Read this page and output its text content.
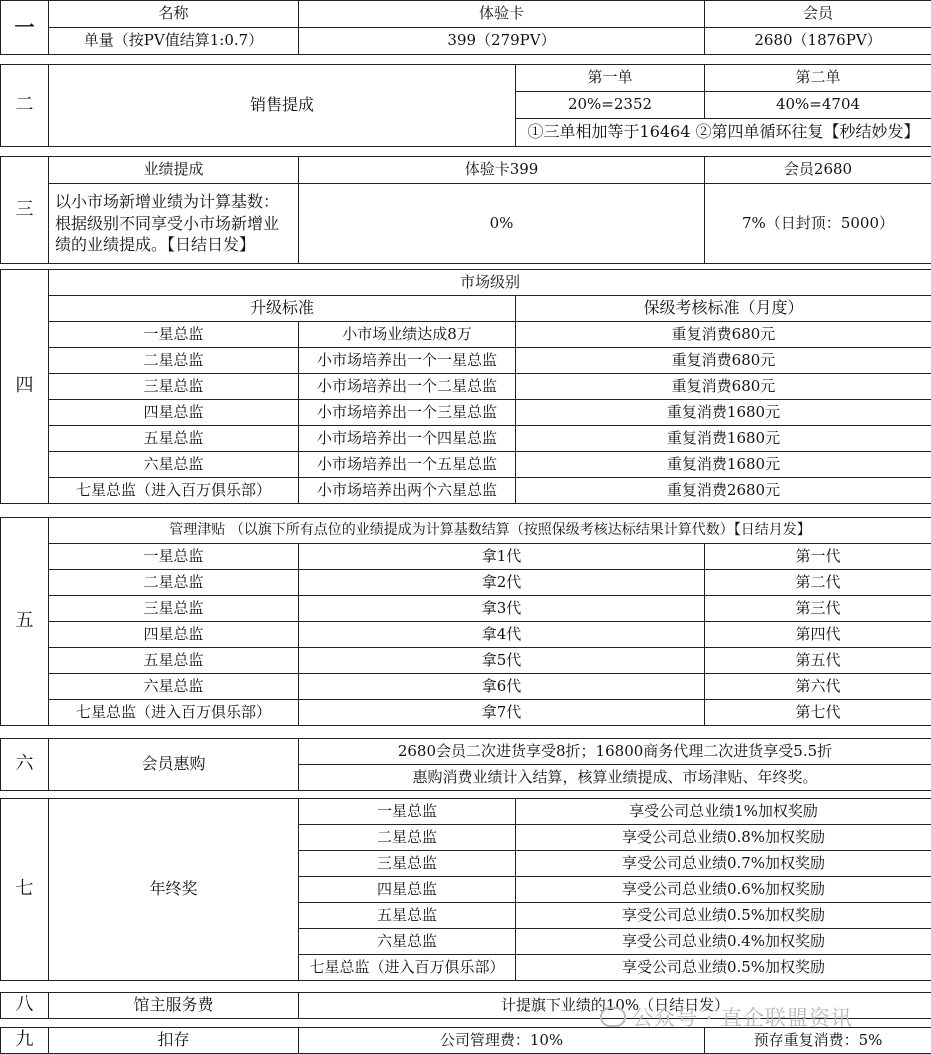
一	名称	体验卡	会员	
	单量（按PV值结算1:0.7）	399（279PV）	2680（1876PV）	
二	销售提成	第一单	第二单	
		20%=2352	40%=4704	
		①三单相加等于16464 ②第四单循环往复【秒结妙发】		
三	业绩提成	体验卡399	会员2680	
	以小市场新增业绩为计算基数：根据级别不同享受小市场新增业绩的业绩提成。【日结日发】	0%	7%（日封顶：5000）	
四	市场级别			
	升级标准		保级考核标准（月度）	
	一星总监	小市场业绩达成8万	重复消费680元	
	二星总监	小市场培养出一个一星总监	重复消费680元	
	三星总监	小市场培养出一个二星总监	重复消费680元	
	四星总监	小市场培养出一个三星总监	重复消费1680元	
	五星总监	小市场培养出一个四星总监	重复消费1680元	
	六星总监	小市场培养出一个五星总监	重复消费1680元	
	七星总监（进入百万俱乐部）	小市场培养出两个六星总监	重复消费2680元	
五	管理津贴 （以旗下所有点位的业绩提成为计算基数结算（按照保级考核达标结果计算代数）【日结月发】			
	一星总监	拿1代	第一代	
	二星总监	拿2代	第二代	
	三星总监	拿3代	第三代	
	四星总监	拿4代	第四代	
	五星总监	拿5代	第五代	
	六星总监	拿6代	第六代	
	七星总监（进入百万俱乐部）	拿7代	第七代	
六	会员惠购	2680会员二次进货享受8折；16800商务代理二次进货享受5.5折
惠购消费业绩计入结算，核算业绩提成、市场津贴、年终奖。
七	年终奖	一星总监	享受公司总业绩1%加权奖励
		二星总监	享受公司总业绩0.8%加权奖励
		三星总监	享受公司总业绩0.7%加权奖励
		四星总监	享受公司总业绩0.6%加权奖励
		五星总监	享受公司总业绩0.5%加权奖励
		六星总监	享受公司总业绩0.4%加权奖励
		七星总监（进入百万俱乐部）	享受公司总业绩0.5%加权奖励
八	馆主服务费	计提旗下业绩的10%（日结日发）
九	扣存	公司管理费：10%	预存重复消费：5%	
公众号 · 直企联盟资讯
